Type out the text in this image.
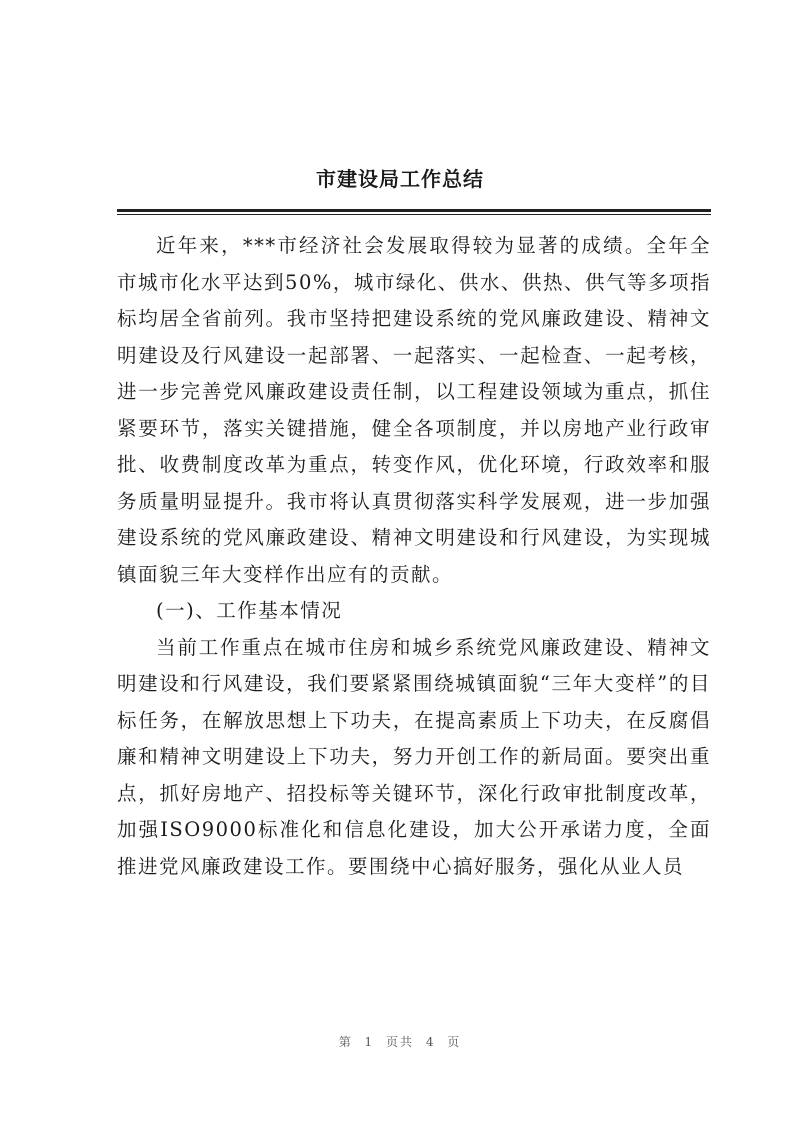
市建设局工作总结

近年来，***市经济社会发展取得较为显著的成绩。全年全市城市化水平达到50%，城市绿化、供水、供热、供气等多项指标均居全省前列。我市坚持把建设系统的党风廉政建设、精神文明建设及行风建设一起部署、一起落实、一起检查、一起考核，进一步完善党风廉政建设责任制，以工程建设领域为重点，抓住紧要环节，落实关键措施，健全各项制度，并以房地产业行政审批、收费制度改革为重点，转变作风，优化环境，行政效率和服务质量明显提升。我市将认真贯彻落实科学发展观，进一步加强建设系统的党风廉政建设、精神文明建设和行风建设，为实现城镇面貌三年大变样作出应有的贡献。

(一)、工作基本情况

当前工作重点在城市住房和城乡系统党风廉政建设、精神文明建设和行风建设，我们要紧紧围绕城镇面貌“三年大变样”的目标任务，在解放思想上下功夫，在提高素质上下功夫，在反腐倡廉和精神文明建设上下功夫，努力开创工作的新局面。要突出重点，抓好房地产、招投标等关键环节，深化行政审批制度改革，加强ISO9000标准化和信息化建设，加大公开承诺力度，全面推进党风廉政建设工作。要围绕中心搞好服务，强化从业人员

第 1 页共 4 页
